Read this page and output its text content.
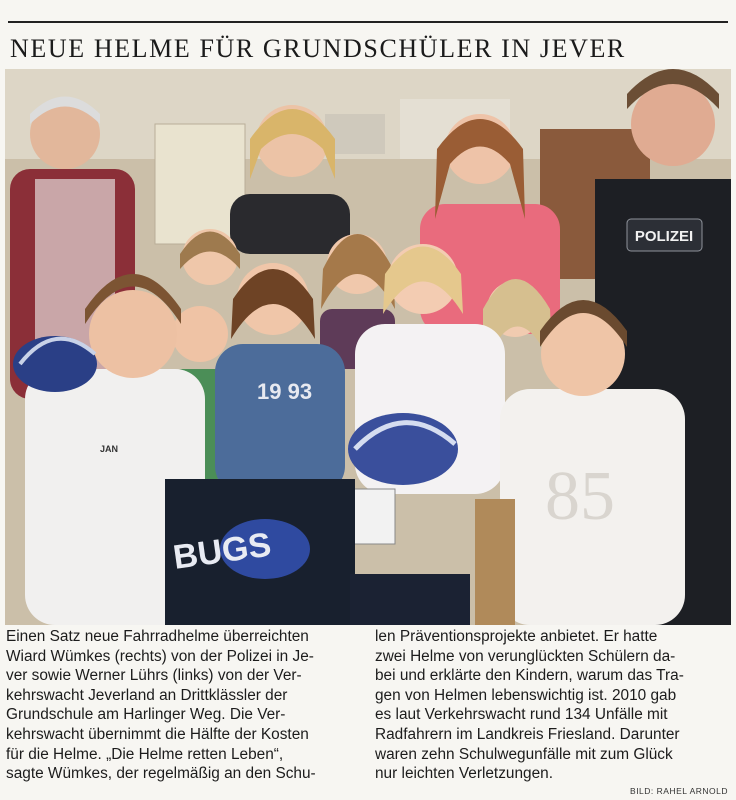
NEUE HELME FÜR GRUNDSCHÜLER IN JEVER
POLIZEI
19 93
JAN
85
BUGS
Einen Satz neue Fahrradhelme überreichten
Wiard Wümkes (rechts) von der Polizei in Je-
ver sowie Werner Lührs (links) von der Ver-
kehrswacht Jeverland an Drittklässler der
Grundschule am Harlinger Weg. Die Ver-
kehrswacht übernimmt die Hälfte der Kosten
für die Helme. „Die Helme retten Leben“,
sagte Wümkes, der regelmäßig an den Schu-
len Präventionsprojekte anbietet. Er hatte
zwei Helme von verunglückten Schülern da-
bei und erklärte den Kindern, warum das Tra-
gen von Helmen lebenswichtig ist. 2010 gab
es laut Verkehrswacht rund 134 Unfälle mit
Radfahrern im Landkreis Friesland. Darunter
waren zehn Schulwegunfälle mit zum Glück
nur leichten Verletzungen.
BILD: RAHEL ARNOLD
